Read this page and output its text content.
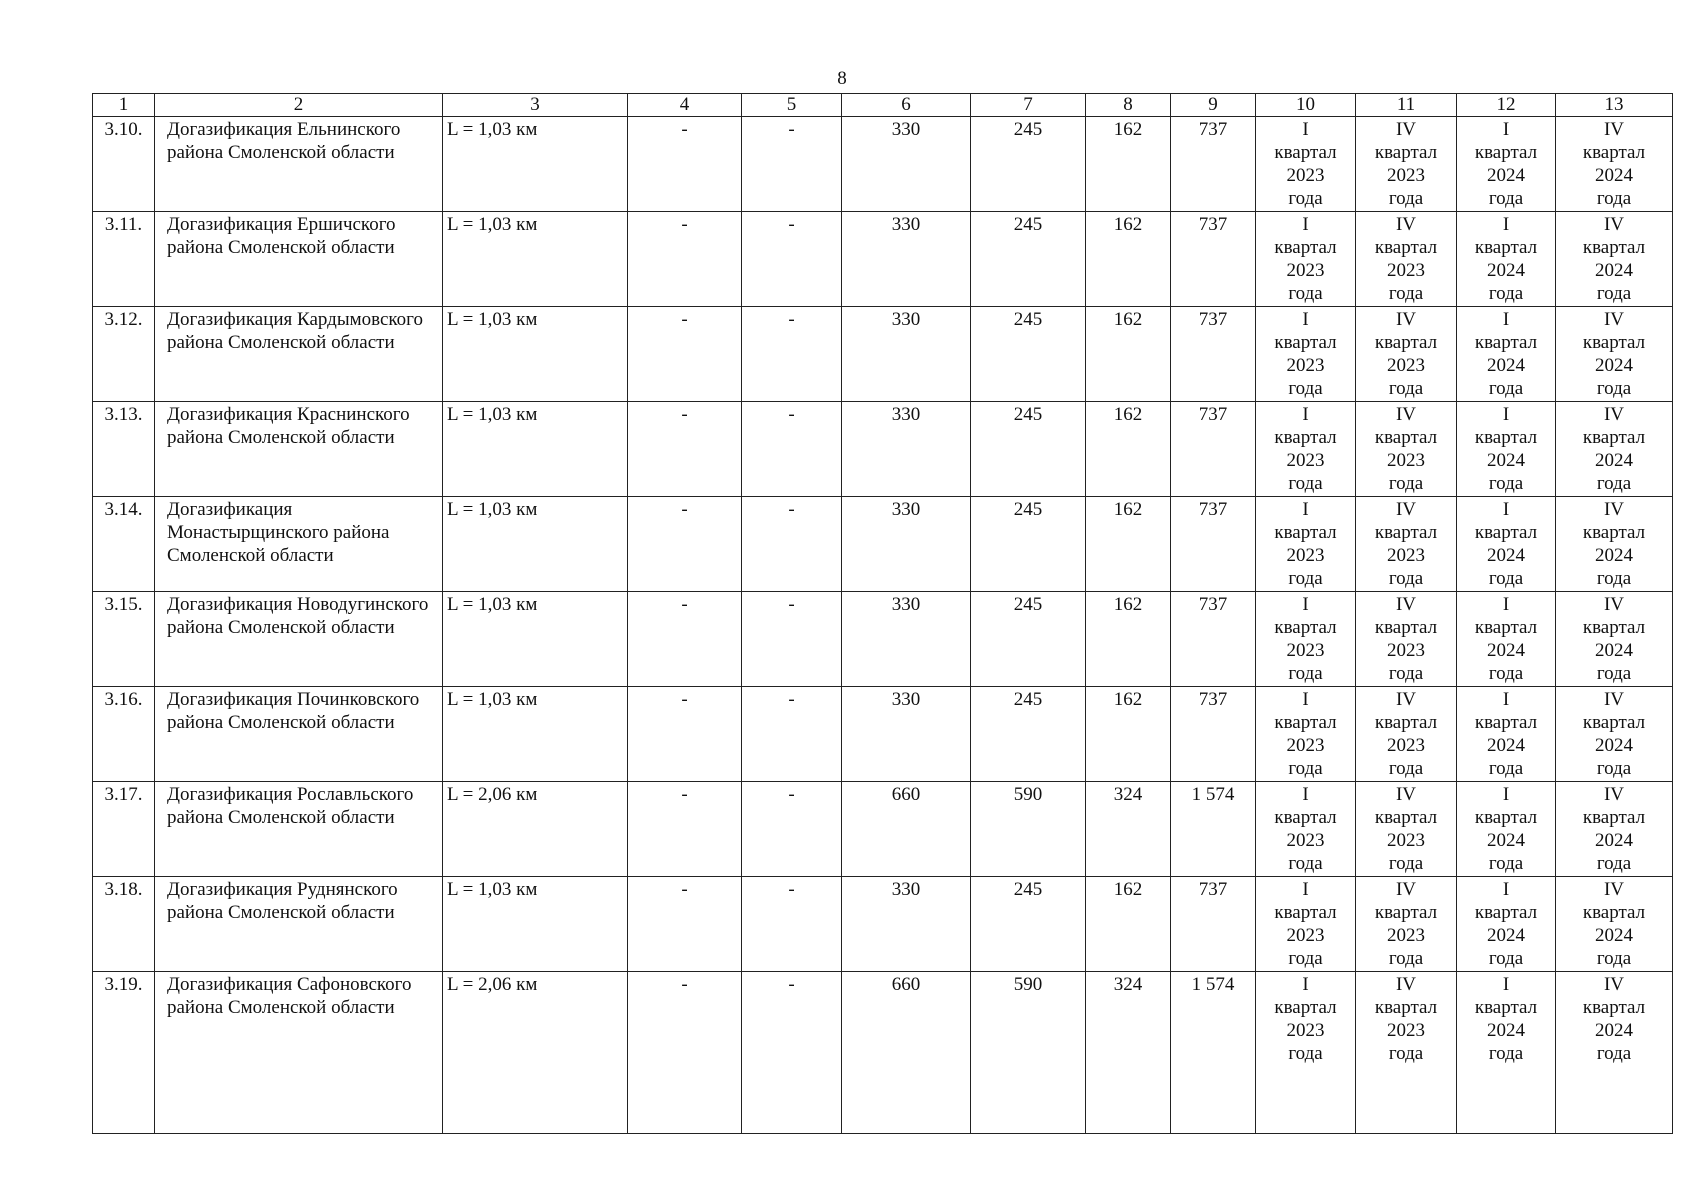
8
1	2	3	4	5	6	7	8	9	10	11	12	13
3.10.	Догазификация Ельнинского района Смоленской области	L = 1,03 км	-	-	330	245	162	737	I
квартал
2023
года	IV
квартал
2023
года	I
квартал
2024
года	IV
квартал
2024
года

3.11.	Догазификация Ершичского района Смоленской области	L = 1,03 км	-	-	330	245	162	737	I
квартал
2023
года	IV
квартал
2023
года	I
квартал
2024
года	IV
квартал
2024
года

3.12.	Догазификация Кардымовского района Смоленской области	L = 1,03 км	-	-	330	245	162	737	I
квартал
2023
года	IV
квартал
2023
года	I
квартал
2024
года	IV
квартал
2024
года

3.13.	Догазификация Краснинского района Смоленской области	L = 1,03 км	-	-	330	245	162	737	I
квартал
2023
года	IV
квартал
2023
года	I
квартал
2024
года	IV
квартал
2024
года

3.14.	Догазификация Монастырщинского района Смоленской области	L = 1,03 км	-	-	330	245	162	737	I
квартал
2023
года	IV
квартал
2023
года	I
квартал
2024
года	IV
квартал
2024
года

3.15.	Догазификация Новодугинского района Смоленской области	L = 1,03 км	-	-	330	245	162	737	I
квартал
2023
года	IV
квартал
2023
года	I
квартал
2024
года	IV
квартал
2024
года

3.16.	Догазификация Починковского района Смоленской области	L = 1,03 км	-	-	330	245	162	737	I
квартал
2023
года	IV
квартал
2023
года	I
квартал
2024
года	IV
квартал
2024
года

3.17.	Догазификация Рославльского района Смоленской области	L = 2,06 км	-	-	660	590	324	1 574	I
квартал
2023
года	IV
квартал
2023
года	I
квартал
2024
года	IV
квартал
2024
года

3.18.	Догазификация Руднянского района Смоленской области	L = 1,03 км	-	-	330	245	162	737	I
квартал
2023
года	IV
квартал
2023
года	I
квартал
2024
года	IV
квартал
2024
года

3.19.	Догазификация Сафоновского района Смоленской области	L = 2,06 км	-	-	660	590	324	1 574	I
квартал
2023
года	IV
квартал
2023
года	I
квартал
2024
года	IV
квартал
2024
года
